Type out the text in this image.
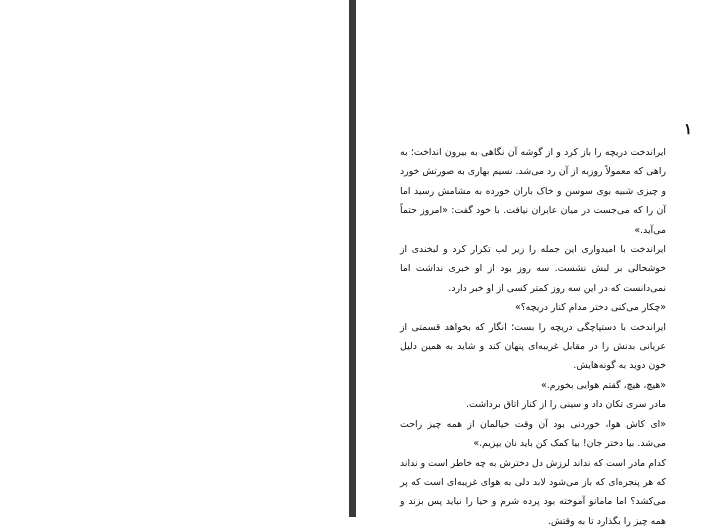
۱

ایراندخت دریچه را باز کرد و از گوشه آن نگاهی به بیرون انداخت؛ به راهی که معمولاً روزبه از آن رد می‌شد. نسیم بهاری به صورتش خورد و چیزی شبیه بوی سوسن و خاک باران خورده به مشامش رسید اما آن را که می‌جست در میان عابران نیافت. با خود گفت: «امروز حتماً می‌آید.»

ایراندخت با امیدواری این جمله را زیر لب تکرار کرد و لبخندی از خوشحالی بر لبش نشست. سه روز بود از او خبری نداشت اما نمی‌دانست که در این سه روز کمتر کسی از او خبر دارد.

«چکار می‌کنی دختر مدام کنار دریچه؟»

ایراندخت با دستپاچگی دریچه را بست؛ انگار که بخواهد قسمتی از عریانی بدنش را در مقابل غریبه‌ای پنهان کند و شاید به همین دلیل خون دوید به گونه‌هایش.

«هیچ، هیچ، گفتم هوایی بخورم.»

مادر سری تکان داد و سینی را از کنار اتاق برداشت.

«ای کاش هوا، خوردنی بود آن وقت خیالمان از همه چیز راحت می‌شد. بیا دختر جان! بیا کمک کن باید نان بپزیم.»

کدام مادر است که نداند لرزش دل دخترش به چه خاطر است و نداند که هر پنجره‌ای که باز می‌شود لابد دلی به هوای غریبه‌ای است که پر می‌کشد؟ اما مامانو آموخته بود پرده شرم و حیا را نباید پس بزند و همه چیز را بگذارد تا به وقتش.
